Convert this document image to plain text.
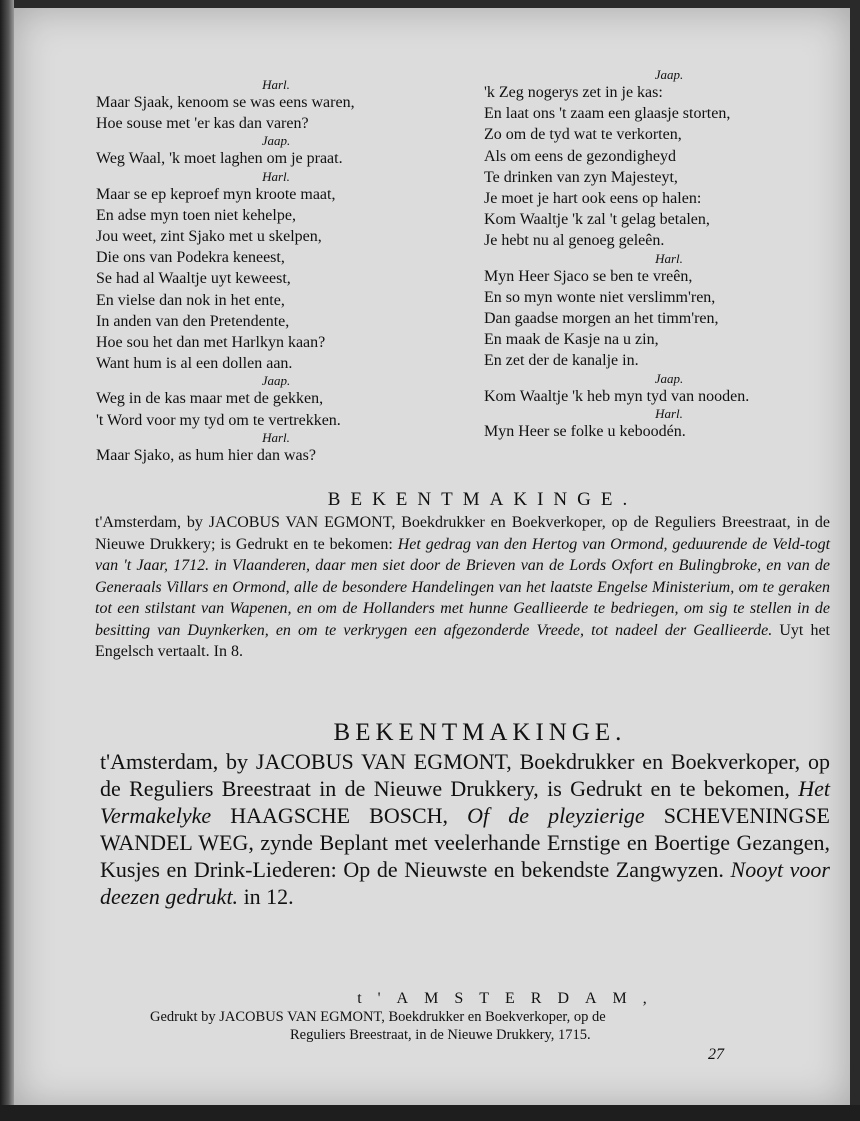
Harl.
Maar Sjaak, kenoom se was eens waren,
Hoe souse met 'er kas dan varen?
Jaap.
Weg Waal, 'k moet laghen om je praat.
Harl.
Maar se ep keproef myn kroote maat,
En adse myn toen niet kehelpe,
Jou weet, zint Sjako met u skelpen,
Die ons van Podekra keneest,
Se had al Waaltje uyt keweest,
En vielse dan nok in het ente,
In anden van den Pretendente,
Hoe sou het dan met Harlkyn kaan?
Want hum is al een dollen aan.
Jaap.
Weg in de kas maar met de gekken,
't Word voor my tyd om te vertrekken.
Harl.
Maar Sjako, as hum hier dan was?
Jaap.
'k Zeg nogerys zet in je kas:
En laat ons 't zaam een glaasje storten,
Zo om de tyd wat te verkorten,
Als om eens de gezondigheyd
Te drinken van zyn Majesteyt,
Je moet je hart ook eens op halen:
Kom Waaltje 'k zal 't gelag betalen,
Je hebt nu al genoeg geleên.
Harl.
Myn Heer Sjaco se ben te vreên,
En so myn wonte niet verslimm'ren,
Dan gaadse morgen an het timm'ren,
En maak de Kasje na u zin,
En zet der de kanalje in.
Jaap.
Kom Waaltje 'k heb myn tyd van nooden.
Harl.
Myn Heer se folke u keboodén.
BEKENTMAKINGE.
t'Amsterdam, by JACOBUS VAN EGMONT, Boekdrukker en Boekverkoper, op de Reguliers Breestraat, in de Nieuwe Drukkery; is Gedrukt en te bekomen: Het gedrag van den Hertog van Ormond, geduurende de Veld-togt van 't Jaar, 1712. in Vlaanderen, daar men siet door de Brieven van de Lords Oxfort en Bulingbroke, en van de Generaals Villars en Ormond, alle de besondere Handelingen van het laatste Engelse Ministerium, om te geraken tot een stilstant van Wapenen, en om de Hollanders met hunne Geallieerde te bedriegen, om sig te stellen in de besitting van Duynkerken, en om te verkrygen een afgezonderde Vreede, tot nadeel der Geallieerde. Uyt het Engelsch vertaalt. In 8.
BEKENTMAKINGE.
t'Amsterdam, by JACOBUS VAN EGMONT, Boekdrukker en Boekverkoper, op de Reguliers Breestraat in de Nieuwe Drukkery, is Gedrukt en te bekomen, Het Vermakelyke HAAGSCHE BOSCH, Of de pleyzierige SCHEVENINGSE WANDEL WEG, zynde Beplant met veelerhande Ernstige en Boertige Gezangen, Kusjes en Drink-Liederen: Op de Nieuwste en bekendste Zangwyzen. Nooyt voor deezen gedrukt. in 12.
t'AMSTERDAM,
Gedrukt by JACOBUS VAN EGMONT, Boekdrukker en Boekverkoper, op de
Reguliers Breestraat, in de Nieuwe Drukkery, 1715.
27
